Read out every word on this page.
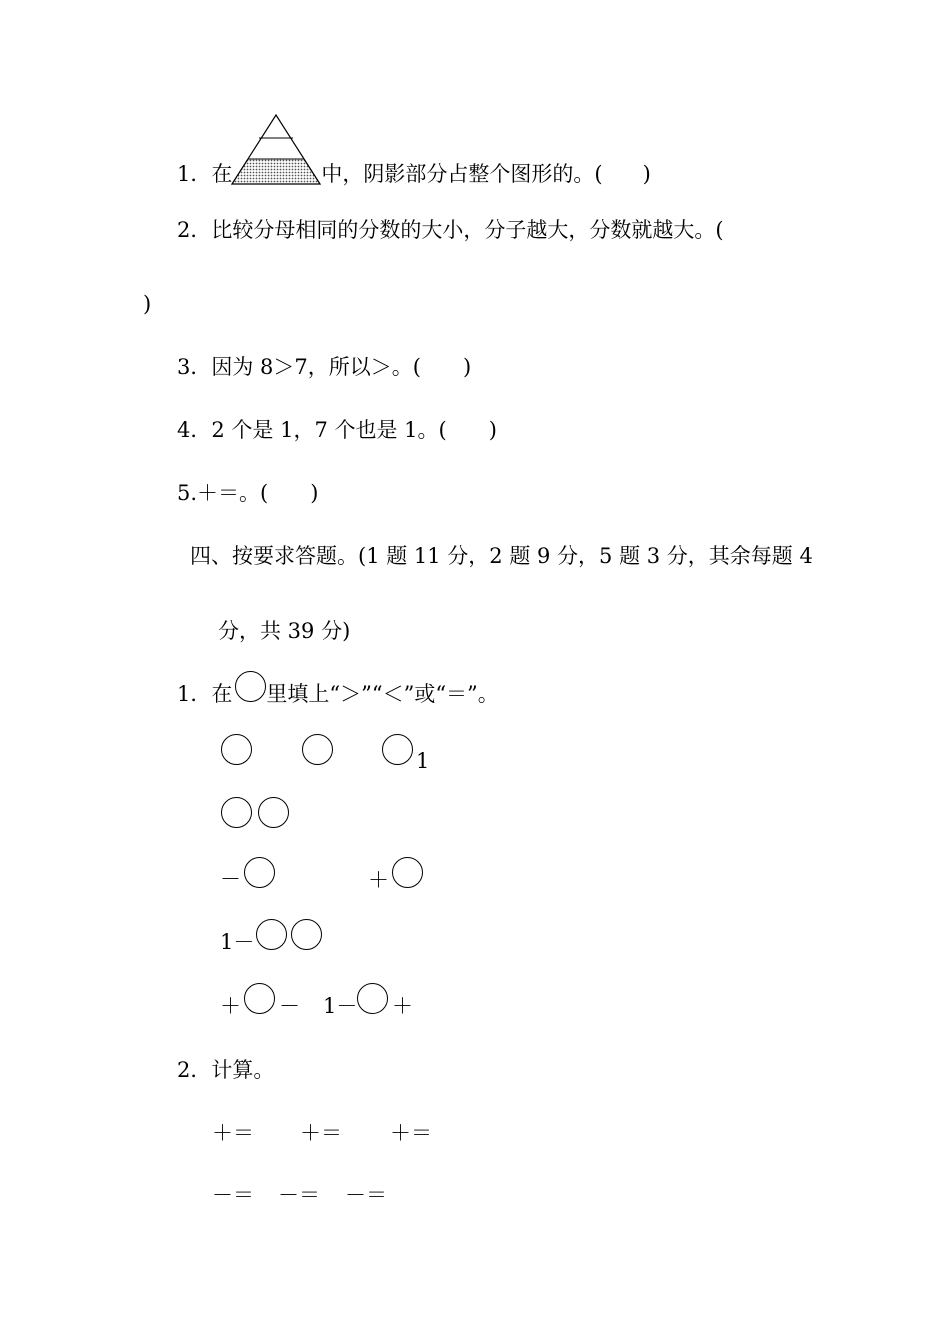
1．在	中，阴影部分占整个图形的。( )
2．比较分母相同的分数的大小，分子越大，分数就越大。(
)
3．因为 8＞7，所以＞。( )
4．2 个是 1，7 个也是 1。( )
5.＋＝。( )
四、按要求答题。(1 题 11 分，2 题 9 分，5 题 3 分，其余每题 4
分，共 39 分)
1．在 里填上“＞”“＜”或“＝”。
1
－	＋
1－
＋ － 1－ ＋
2．计算。
＋＝ ＋＝ ＋＝
－＝ －＝ －＝
